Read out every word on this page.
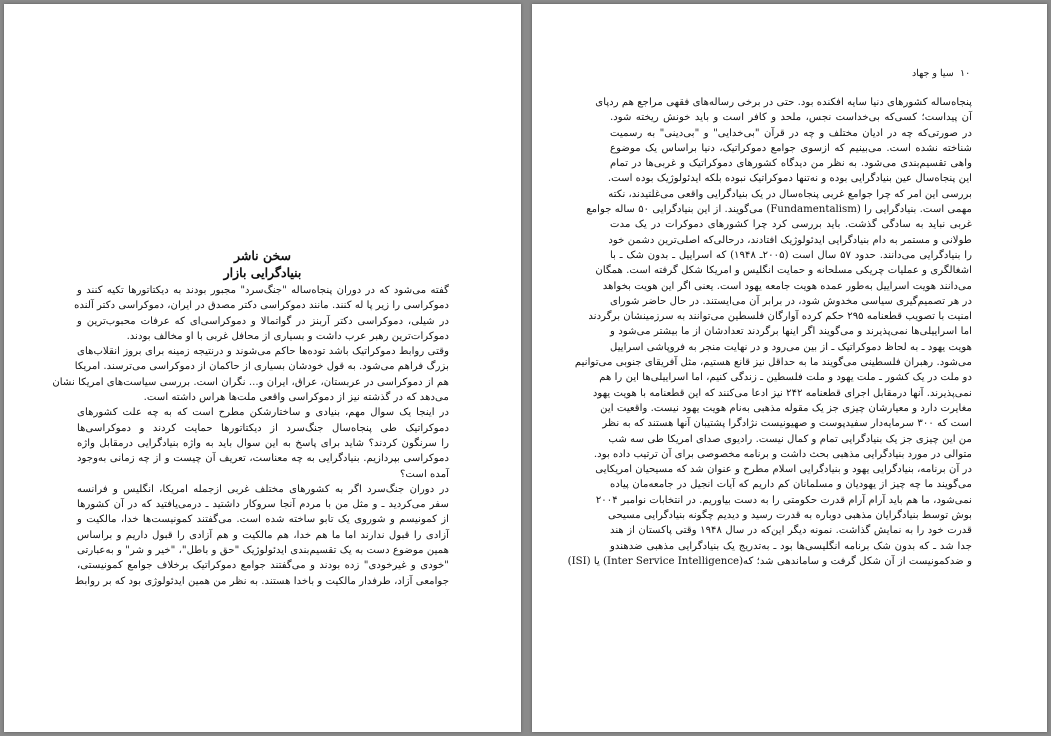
سخن ناشر
بنیادگرایی بازار
گفته می‌شود که در دوران پنجاه‌ساله "جنگ‌سرد" مجبور بودند به دیکتاتورها تکیه کنند و
دموکراسی را زیر پا له کنند. مانند دموکراسی دکتر مصدق در ایران، دموکراسی دکتر آلنده
در شیلی، دموکراسی دکتر آربنز در گواتمالا و دموکراسی‌ای که عرفات محبوب‌ترین و
دموکرات‌ترین رهبر عرب داشت و بسیاری از محافل غربی با او مخالف بودند.
وقتی روابط دموکراتیک باشد توده‌ها حاکم می‌شوند و درنتیجه زمینه برای بروز انقلاب‌های
بزرگ فراهم می‌شود. به قول خودشان بسیاری از حاکمان از دموکراسی می‌ترسند. امریکا
هم از دموکراسی در عربستان، عراق، ایران و... نگران است. بررسی سیاست‌های امریکا نشان
می‌دهد که در گذشته نیز از دموکراسی واقعی ملت‌ها هراس داشته است.
در اینجا یک سوال مهم، بنیادی و ساختارشکن مطرح است که به چه علت کشورهای
دموکراتیک طی پنجاه‌سال جنگ‌سرد از دیکتاتورها حمایت کردند و دموکراسی‌ها
را سرنگون کردند؟ شاید برای پاسخ به این سوال باید به واژه بنیادگرایی درمقابل واژه
دموکراسی بپردازیم. بنیادگرایی به چه معناست، تعریف آن چیست و از چه زمانی به‌وجود
آمده است؟
در دوران جنگ‌سرد اگر به کشورهای مختلف غربی ازجمله امریکا، انگلیس و فرانسه
سفر می‌کردید ـ و مثل من با مردم آنجا سروکار داشتید ـ درمی‌یافتید که در آن کشورها
از کمونیسم و شوروی یک تابو ساخته شده است. می‌گفتند کمونیست‌ها خدا، مالکیت و
آزادی را قبول ندارند اما ما هم خدا، هم مالکیت و هم آزادی را قبول داریم و براساس
همین موضوع دست به یک تقسیم‌بندی ایدئولوژیک "حق و باطل"، "خیر و شر" و به‌عبارتی
"خودی و غیرخودی" زده بودند و می‌گفتند جوامع دموکراتیک برخلاف جوامع کمونیستی،
جوامعی آزاد، طرفدار مالکیت و باخدا هستند. به نظر من همین ایدئولوژی بود که بر روابط
سیا و جهاد ۱۰
پنجاه‌ساله کشورهای دنیا سایه افکنده بود. حتی در برخی رساله‌های فقهی مراجع هم ردپای
آن پیداست؛ کسی‌که بی‌خداست نجس، ملحد و کافر است و باید خونش ریخته شود.
در صورتی‌که چه در ادیان مختلف و چه در قرآن "بی‌خدایی" و "بی‌دینی" به رسمیت
شناخته نشده است. می‌بینیم که ازسوی جوامع دموکراتیک، دنیا براساس یک موضوع
واهی تقسیم‌بندی می‌شود. به نظر من دیدگاه کشورهای دموکراتیک و غربی‌ها در تمام
این پنجاه‌سال عین بنیادگرایی بوده و نه‌تنها دموکراتیک نبوده بلکه ایدئولوژیک بوده است.
بررسی این امر که چرا جوامع غربی پنجاه‌سال در یک بنیادگرایی واقعی می‌غلتیدند، نکته
مهمی است. بنیادگرایی را (Fundamentalism) می‌گویند. از این بنیادگرایی ۵۰ ساله جوامع
غربی نباید به سادگی گذشت. باید بررسی کرد چرا کشورهای دموکرات در یک مدت
طولانی و مستمر به دام بنیادگرایی ایدئولوژیک افتادند، درحالی‌که اصلی‌ترین دشمن خود
را بنیادگرایی می‌دانند. حدود ۵۷ سال است (۲۰۰۵ـ ۱۹۴۸) که اسراییل ـ بدون شک ـ با
اشغالگری و عملیات چریکی مسلحانه و حمایت انگلیس و امریکا شکل گرفته است. همگان
می‌دانند هویت اسراییل به‌طور عمده هویت جامعه یهود است. یعنی اگر این هویت بخواهد
در هر تصمیم‌گیری سیاسی مخدوش شود، در برابر آن می‌ایستند. در حال حاضر شورای
امنیت با تصویب قطعنامه ۲۹۵ حکم کرده آوارگان فلسطین می‌توانند به سرزمینشان برگردند
اما اسراییلی‌ها نمی‌پذیرند و می‌گویند اگر اینها برگردند تعدادشان از ما بیشتر می‌شود و
هویت یهود ـ به لحاظ دموکراتیک ـ از بین می‌رود و در نهایت منجر به فروپاشی اسراییل
می‌شود. رهبران فلسطینی می‌گویند ما به حداقل نیز قانع هستیم، مثل آفریقای جنوبی می‌توانیم
دو ملت در یک کشور ـ ملت یهود و ملت فلسطین ـ زندگی کنیم، اما اسراییلی‌ها این را هم
نمی‌پذیرند. آنها درمقابل اجرای قطعنامه ۲۴۲ نیز ادعا می‌کنند که این قطعنامه با هویت یهود
مغایرت دارد و معیارشان چیزی جز یک مقوله مذهبی به‌نام هویت یهود نیست. واقعیت این
است که ۳۰۰ سرمایه‌دار سفیدپوست و صهیونیست نژادگرا پشتیبان آنها هستند که به نظر
من این چیزی جز یک بنیادگرایی تمام و کمال نیست. رادیوی صدای امریکا طی سه شب
متوالی در مورد بنیادگرایی مذهبی بحث داشت و برنامه مخصوصی برای آن ترتیب داده بود.
در آن برنامه، بنیادگرایی یهود و بنیادگرایی اسلام مطرح و عنوان شد که مسیحیان امریکایی
می‌گویند ما چه چیز از یهودیان و مسلمانان کم داریم که آیات انجیل در جامعه‌مان پیاده
نمی‌شود، ما هم باید آرام آرام قدرت حکومتی را به دست بیاوریم. در انتخابات نوامبر ۲۰۰۴
بوش توسط بنیادگرایان مذهبی دوباره به قدرت رسید و دیدیم چگونه بنیادگرایی مسیحی
قدرت خود را به نمایش گذاشت. نمونه دیگر این‌که در سال ۱۹۴۸ وقتی پاکستان از هند
جدا شد ـ که بدون شک برنامه انگلیسی‌ها بود ـ به‌تدریج یک بنیادگرایی مذهبی ضدهندو
و ضدکمونیست از آن شکل گرفت و ساماندهی شد؛ که(Inter Service Intelligence) یا (ISI)
